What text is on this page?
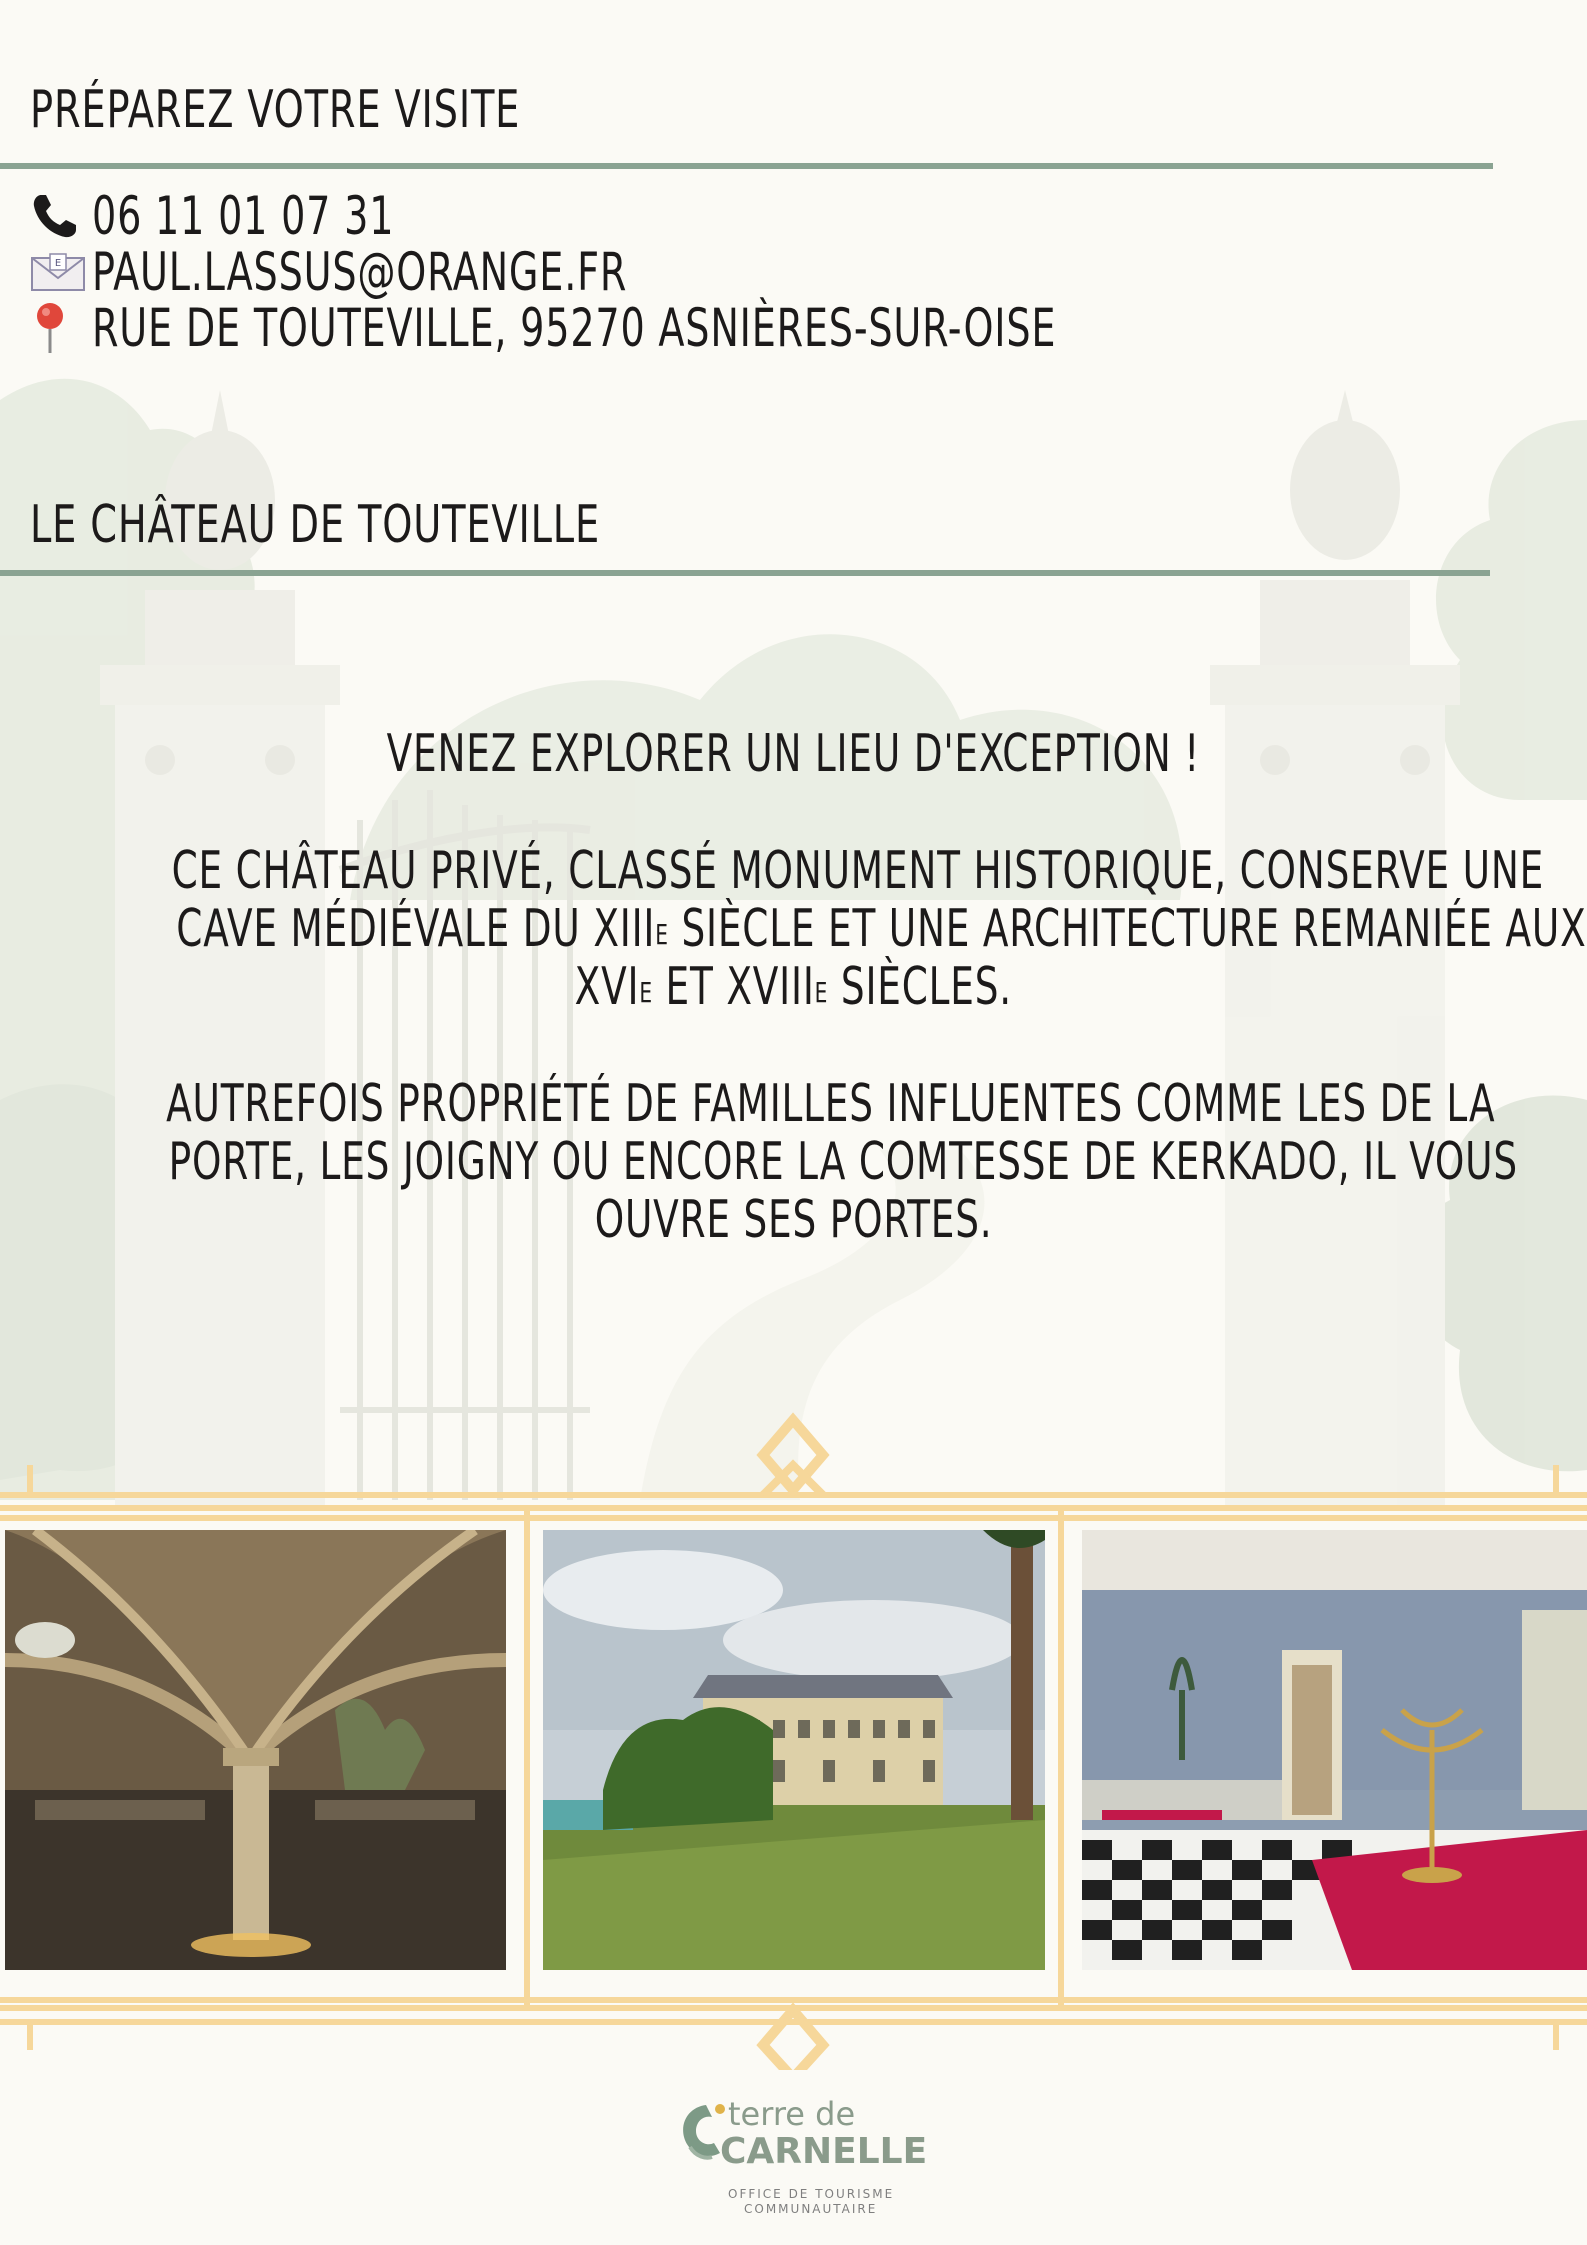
PRÉPAREZ VOTRE VISITE
06 11 01 07 31
E PAUL.LASSUS@ORANGE.FR
RUE DE TOUTEVILLE, 95270 ASNIÈRES-SUR-OISE
LE CHÂTEAU DE TOUTEVILLE

VENEZ EXPLORER UN LIEU D'EXCEPTION !

CE CHÂTEAU PRIVÉ, CLASSÉ MONUMENT HISTORIQUE, CONSERVE UNE

CAVE MÉDIÉVALE DU $XIII^E$ SIÈCLE ET UNE ARCHITECTURE REMANIÉE AUX

$XVI^E$ ET $XVIII^E$ SIÈCLES.

AUTREFOIS PROPRIÉTÉ DE FAMILLES INFLUENTES COMME LES DE LA

PORTE, LES JOIGNY OU ENCORE LA COMTESSE DE KERKADO, IL VOUS

OUVRE SES PORTES.

terre de
CARNELLE
OFFICE DE TOURISME
COMMUNAUTAIRE
